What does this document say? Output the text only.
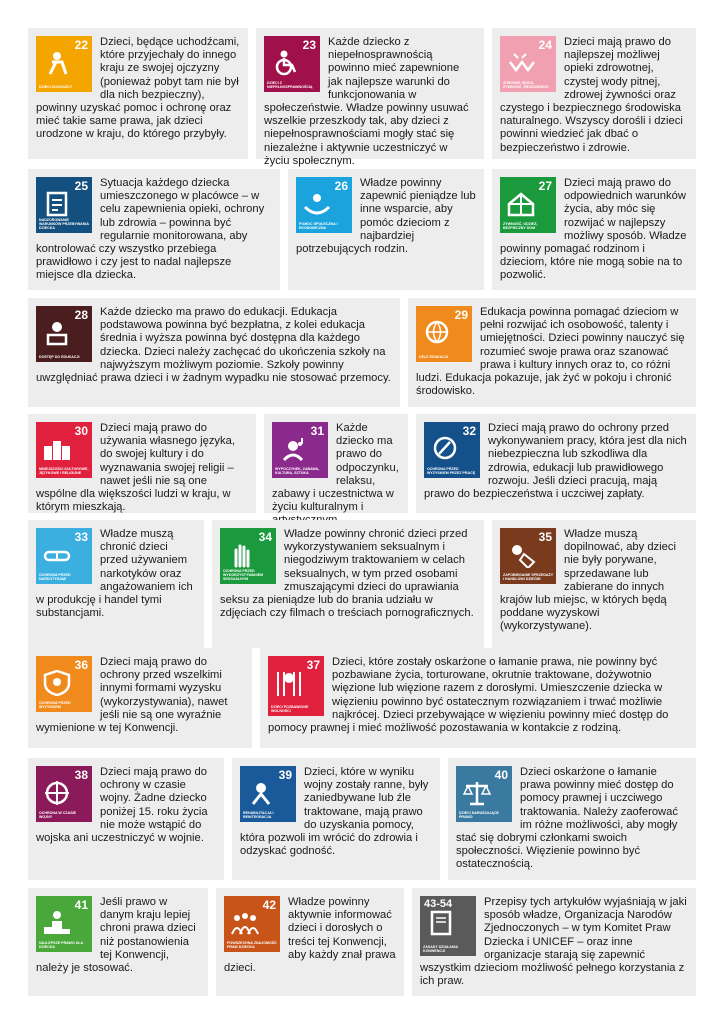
22
DZIECI UCHODŹCY
Dzieci, będące uchodźcami, które przyjechały do innego kraju ze swojej ojczyzny (ponieważ pobyt tam nie był dla nich bezpieczny), powinny uzyskać pomoc i ochronę oraz mieć takie same prawa, jak dzieci urodzone w kraju, do którego przybyły.
23
DZIECI Z NIEPEŁNOSPRAWNOŚCIĄ
Każde dziecko z niepełnosprawnością powinno mieć zapewnione jak najlepsze warunki do funkcjonowania w społeczeństwie. Władze powinny usuwać wszelkie przeszkody tak, aby dzieci z niepełnosprawnościami mogły stać się niezależne i aktywnie uczestniczyć w życiu społecznym.
24
ZDROWIE, WODA, ŻYWNOŚĆ, ŚRODOWISKO
Dzieci mają prawo do najlepszej możliwej opieki zdrowotnej, czystej wody pitnej, zdrowej żywności oraz czystego i bezpiecznego środowiska naturalnego. Wszyscy dorośli i dzieci powinni wiedzieć jak dbać o bezpieczeństwo i zdrowie.
25
NADZOROWANIE WARUNKÓW PRZEBYWANIA DZIECKA
Sytuacja każdego dziecka umieszczonego w placówce – w celu zapewnienia opieki, ochrony lub zdrowia – powinna być regularnie monitorowana, aby kontrolować czy wszystko przebiega prawidłowo i czy jest to nadal najlepsze miejsce dla dziecka.
26
POMOC SPOŁECZNA I EKONOMICZNA
Władze powinny zapewnić pieniądze lub inne wsparcie, aby pomóc dzieciom z najbardziej potrzebujących rodzin.
27
ŻYWNOŚĆ, ODZIEŻ, BEZPIECZNY DOM
Dzieci mają prawo do odpowiednich warunków życia, aby móc się rozwijać w najlepszy możliwy sposób. Władze powinny pomagać rodzinom i dzieciom, które nie mogą sobie na to pozwolić.
28
DOSTĘP DO EDUKACJI
Każde dziecko ma prawo do edukacji. Edukacja podstawowa powinna być bezpłatna, z kolei edukacja średnia i wyższa powinna być dostępna dla każdego dziecka. Dzieci należy zachęcać do ukończenia szkoły na najwyższym możliwym poziomie. Szkoły powinny uwzględniać prawa dzieci i w żadnym wypadku nie stosować przemocy.
29
CELE EDUKACJI
Edukacja powinna pomagać dzieciom w pełni rozwijać ich osobowość, talenty i umiejętności. Dzieci powinny nauczyć się rozumieć swoje prawa oraz szanować prawa i kultury innych oraz to, co różni ludzi. Edukacja pokazuje, jak żyć w pokoju i chronić środowisko.
30
MNIEJSZOŚCI KULTUROWE, JĘZYKOWE I RELIGIJNE
Dzieci mają prawo do używania własnego języka, do swojej kultury i do wyznawania swojej religii – nawet jeśli nie są one wspólne dla większości ludzi w kraju, w którym mieszkają.
31
WYPOCZYNEK, ZABAWA, KULTURA, SZTUKA
Każde dziecko ma prawo do odpoczynku, relaksu, zabawy i uczestnictwa w życiu kulturalnym i
32
OCHRONA PRZED WYZYSKIEM PRZEZ PRACĘ
Dzieci mają prawo do ochrony przed wykonywaniem pracy, która jest dla nich niebezpieczna lub szkodliwa dla zdrowia, edukacji lub prawidłowego rozwoju. Jeśli dzieci pracują, mają prawo do bezpieczeństwa i uczciwej zapłaty.
33
OCHRONA PRZED NARKOTYKAMI
Władze muszą chronić dzieci przed używaniem narkotyków oraz angażowaniem ich w produkcję i handel tymi substancjami.
34
OCHRONA PRZED WYKORZYSTYWANIEM SEKSUALNYM
Władze powinny chronić dzieci przed wykorzystywaniem seksualnym i niegodziwym traktowaniem w celach seksualnych, w tym przed osobami zmuszającymi dzieci do uprawiania seksu za pieniądze lub do brania udziału w zdjęciach czy filmach o treściach pornograficznych.
35
ZAPOBIEGANIE SPRZEDAŻY I HANDLOWI DZIEĆMI
Władze muszą dopilnować, aby dzieci nie były porywane, sprzedawane lub zabierane do innych krajów lub miejsc, w których będą poddane wyzyskowi (wykorzystywane).
36
OCHRONA PRZED WYZYSKIEM
Dzieci mają prawo do ochrony przed wszelkimi innymi formami wyzysku (wykorzystywania), nawet jeśli nie są one wyraźnie wymienione w tej Konwencji.
37
DZIECI POZBAWIONE WOLNOŚCI
Dzieci, które zostały oskarżone o łamanie prawa, nie powinny być pozbawiane życia, torturowane, okrutnie traktowane, dożywotnio więzione lub więzione razem z dorosłymi. Umieszczenie dziecka w więzieniu powinno być ostatecznym rozwiązaniem i trwać możliwie najkrócej. Dzieci przebywające w więzieniu powinny mieć dostęp do pomocy prawnej i mieć możliwość pozostawania w kontakcie z rodziną.
38
OCHRONA W CZASIE WOJNY
Dzieci mają prawo do ochrony w czasie wojny. Żadne dziecko poniżej 15. roku życia nie może wstąpić do wojska ani uczestniczyć w wojnie.
39
REHABILITACJA I REINTEGRACJA
Dzieci, które w wyniku wojny zostały ranne, były zaniedbywane lub źle traktowane, mają prawo do uzyskania pomocy, która pozwoli im wrócić do zdrowia i odzyskać godność.
40
DZIECI NARUSZAJĄCE PRAWO
Dzieci oskarżone o łamanie prawa powinny mieć dostęp do pomocy prawnej i uczciwego traktowania. Należy zaoferować im różne możliwości, aby mogły stać się dobrymi członkami swoich społeczności. Więzienie powinno być ostatecznością.
41
NAJLEPSZE PRAWO DLA DZIECKA
Jeśli prawo w danym kraju lepiej chroni prawa dzieci niż postanowienia tej Konwencji, należy je stosować.
42
POWSZECHNA ZNAJOMOŚĆ PRAW DZIECKA
Władze powinny aktywnie informować dzieci i dorosłych o treści tej Konwencji, aby każdy znał prawa dzieci.
43-54
ZASADY DZIAŁANIA KONWENCJI
Przepisy tych artykułów wyjaśniają w jaki sposób władze, Organizacja Narodów Zjednoczonych – w tym Komitet Praw Dziecka i UNICEF – oraz inne organizacje starają się zapewnić wszystkim dzieciom możliwość pełnego korzystania z ich praw.
